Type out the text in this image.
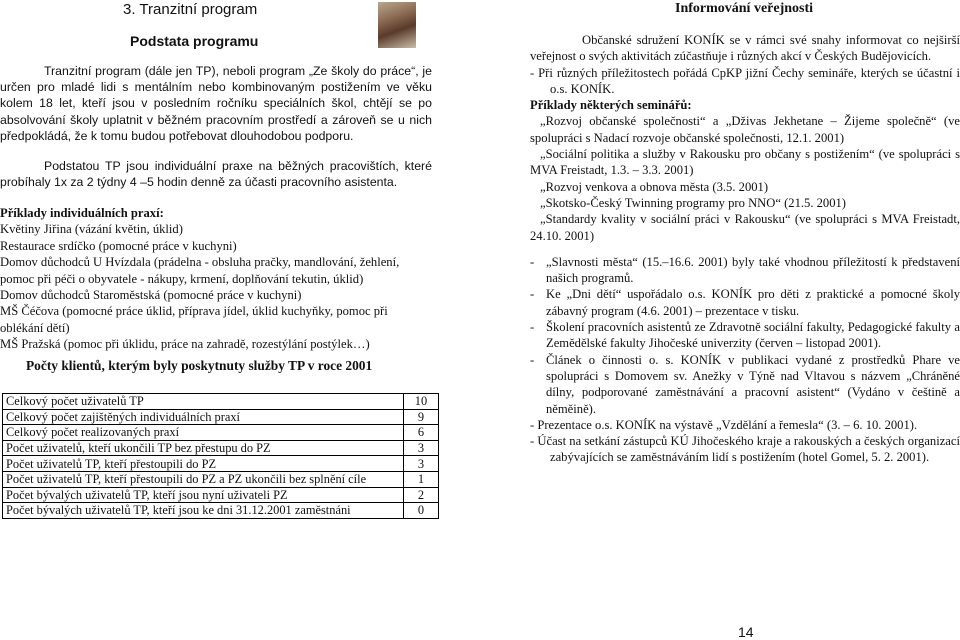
3. Tranzitní program
Podstata programu

Tranzitní program (dále jen TP), neboli program „Ze školy do práce“, je určen pro mladé lidi s mentálním nebo kombinovaným postižením ve věku kolem 18 let, kteří jsou v posledním ročníku speciálních škol, chtějí se po absolvování školy uplatnit v běžném pracovním prostředí a zároveň se u nich předpokládá, že k tomu budou potřebovat dlouhodobou podporu.

Podstatou TP jsou individuální praxe na běžných pracovištích, které probíhaly 1x za 2 týdny 4 –5 hodin denně za účasti pracovního asistenta.

Příklady individuálních praxí:
Květiny Jiřina (vázání květin, úklid)
Restaurace srdíčko (pomocné práce v kuchyni)
Domov důchodců U Hvízdala (prádelna - obsluha pračky, mandlování, žehlení,
pomoc při péči o obyvatele - nákupy, krmení, doplňování tekutin, úklid)
Domov důchodců Staroměstská (pomocné práce v kuchyni)
MŠ Čéčova (pomocné práce úklid, příprava jídel, úklid kuchyňky, pomoc při
oblékání dětí)
MŠ Pražská (pomoc při úklidu, práce na zahradě, rozestýlání postýlek…)
Počty klientů, kterým byly poskytnuty služby TP v roce 2001
Celkový počet uživatelů TP	10
Celkový počet zajištěných individuálních praxí	9
Celkový počet realizovaných praxí	6
Počet uživatelů, kteří ukončili TP bez přestupu do PZ	3
Počet uživatelů TP, kteří přestoupili do PZ	3
Počet uživatelů TP, kteří přestoupili do PZ a PZ ukončili bez splnění cíle	1
Počet bývalých uživatelů TP, kteří jsou nyní uživateli PZ	2
Počet bývalých uživatelů TP, kteří jsou ke dni 31.12.2001 zaměstnáni	0
Informování veřejnosti
Občanské sdružení KONÍK se v rámci své snahy informovat co nejširší veřejnost o svých aktivitách zúčastňuje i různých akcí v Českých Budějovicích.
- Při různých příležitostech pořádá CpKP jižní Čechy semináře, kterých se účastní i o.s. KONÍK.
Příklady některých seminářů:
„Rozvoj občanské společnosti“ a „Dživas Jekhetane – Žijeme společně“ (ve spolupráci s Nadací rozvoje občanské společnosti, 12.1. 2001)
„Sociální politika a služby v Rakousku pro občany s postižením“ (ve spolupráci s MVA Freistadt, 1.3. – 3.3. 2001)
„Rozvoj venkova a obnova města (3.5. 2001)
„Skotsko-Český Twinning programy pro NNO“ (21.5. 2001)
„Standardy kvality v sociální práci v Rakousku“ (ve spolupráci s MVA Freistadt, 24.10. 2001)
- „Slavnosti města“ (15.–16.6. 2001) byly také vhodnou příležitostí k představení našich programů.
- Ke „Dni dětí“ uspořádalo o.s. KONÍK pro děti z praktické a pomocné školy zábavný program (4.6. 2001) – prezentace v tisku.
- Školení pracovních asistentů ze Zdravotně sociální fakulty, Pedagogické fakulty a Zemědělské fakulty Jihočeské univerzity (červen – listopad 2001).
- Článek o činnosti o. s. KONÍK v publikaci vydané z prostředků Phare ve spolupráci s Domovem sv. Anežky v Týně nad Vltavou s názvem „Chráněné dílny, podporované zaměstnávání a pracovní asistent“ (Vydáno v češtině a něměině).
- Prezentace o.s. KONÍK na výstavě „Vzdělání a řemesla“ (3. – 6. 10. 2001).
- Účast na setkání zástupců KÚ Jihočeského kraje a rakouských a českých organizací zabývajících se zaměstnáváním lidí s postižením (hotel Gomel, 5. 2. 2001).
14
